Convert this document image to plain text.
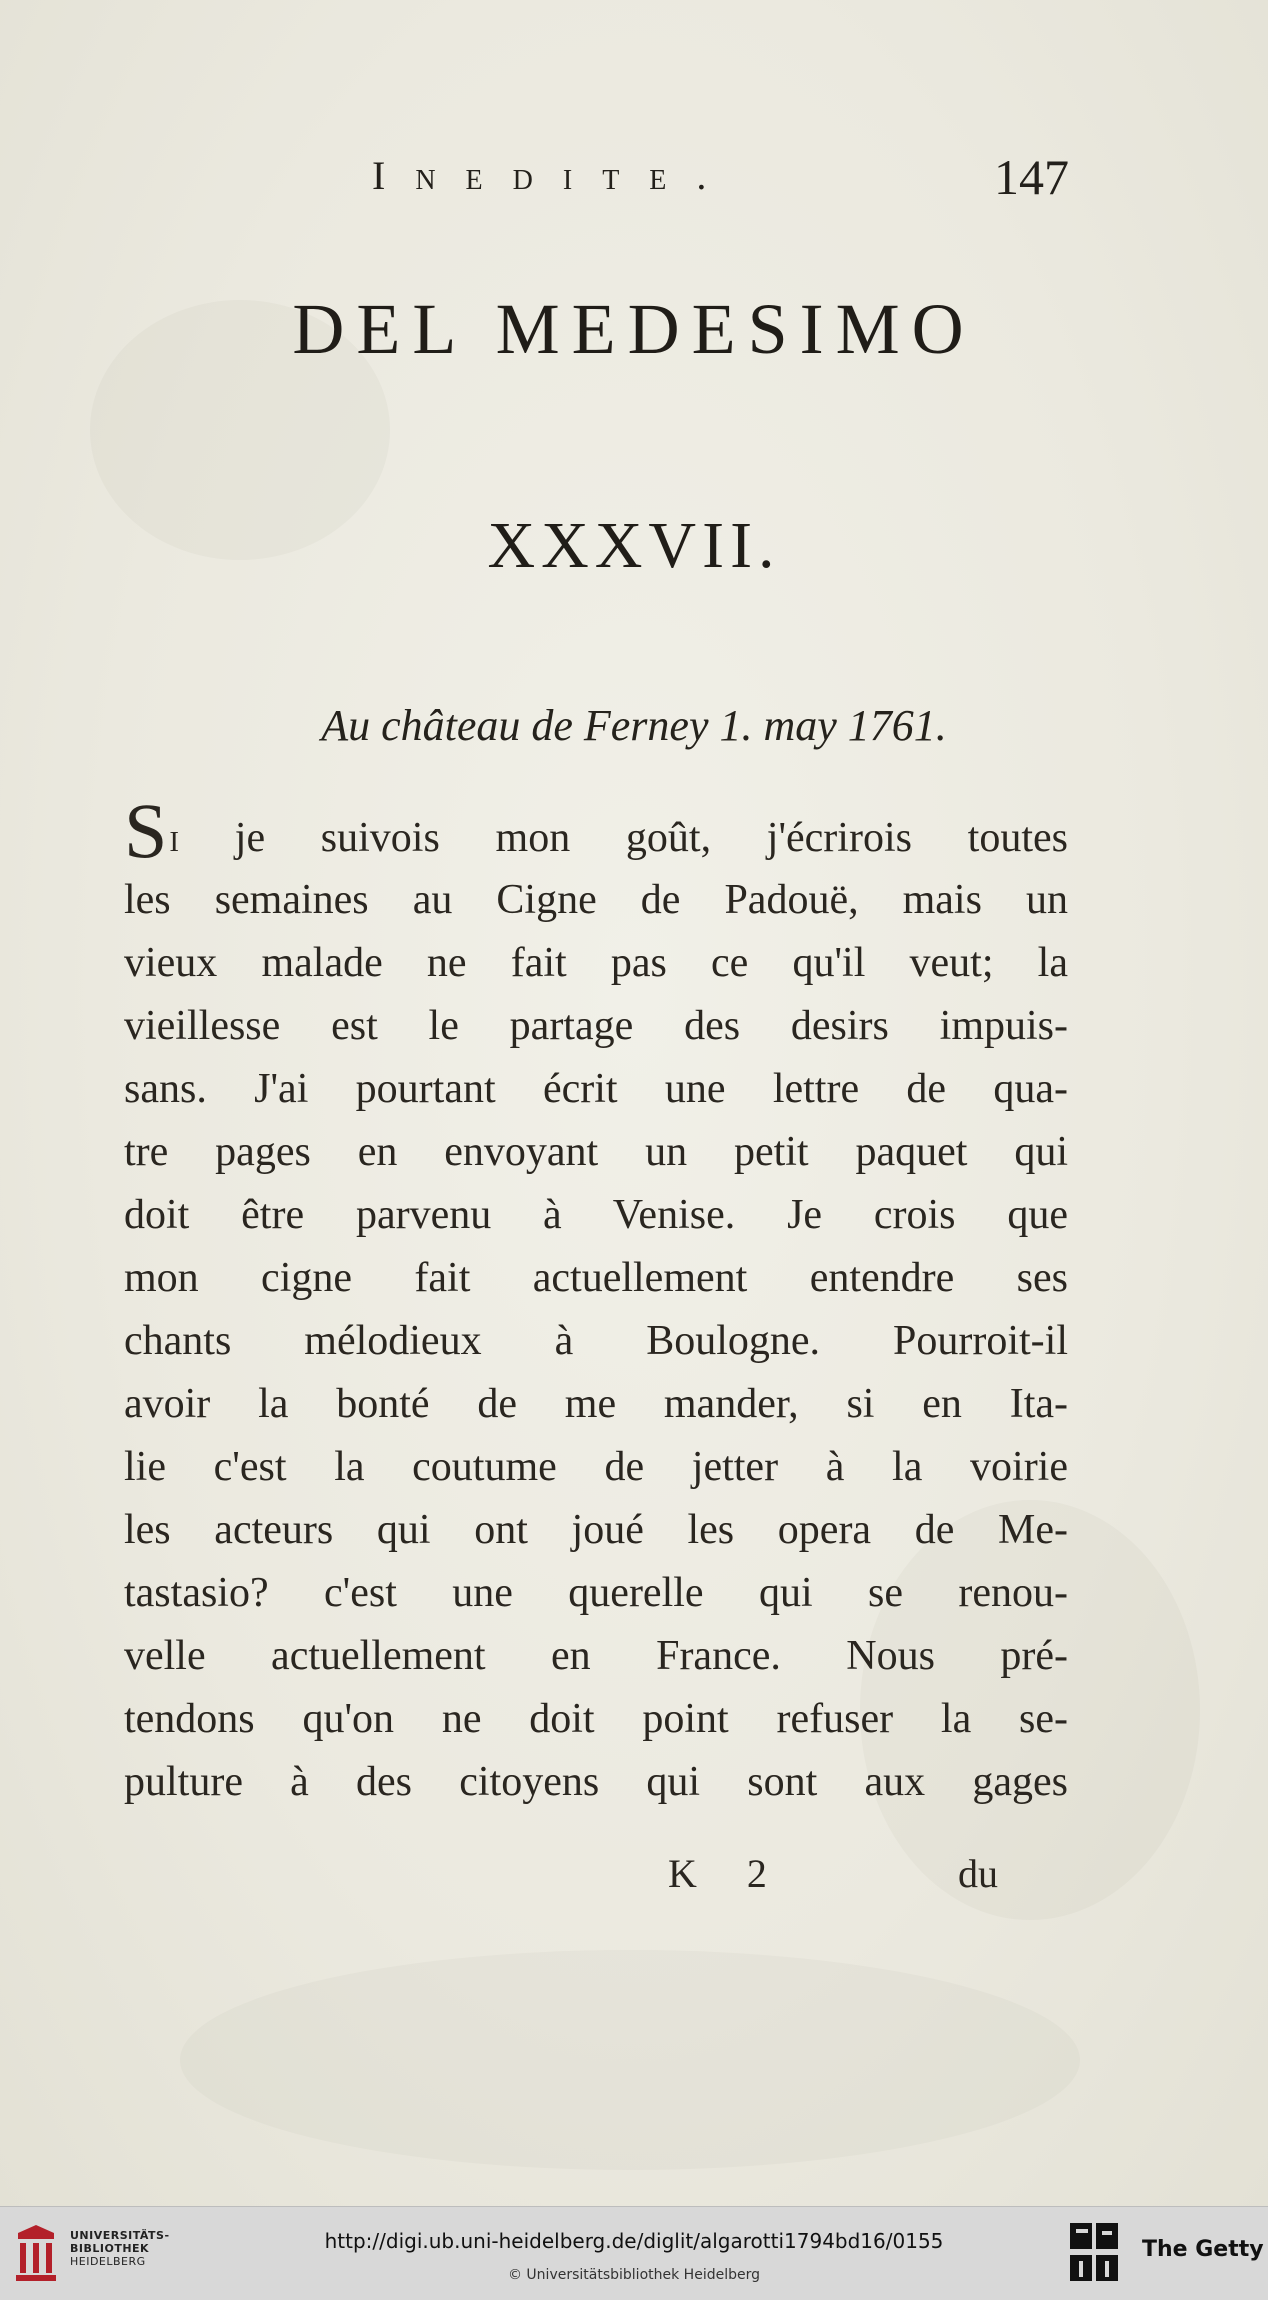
Inedite.	147
DEL MEDESIMO
XXXVII.
Au château de Ferney 1. may 1761.
Si je suivois mon goût, j'écrirois toutes
les semaines au Cigne de Padouë, mais un
vieux malade ne fait pas ce qu'il veut; la
vieillesse est le partage des desirs impuis-
sans. J'ai pourtant écrit une lettre de qua-
tre pages en envoyant un petit paquet qui
doit être parvenu à Venise. Je crois que
mon cigne fait actuellement entendre ses
chants mélodieux à Boulogne. Pourroit-il
avoir la bonté de me mander, si en Ita-
lie c'est la coutume de jetter à la voirie
les acteurs qui ont joué les opera de Me-
tastasio? c'est une querelle qui se renou-
velle actuellement en France. Nous pré-
tendons qu'on ne doit point refuser la se-
pulture à des citoyens qui sont aux gages
K 2	du
UNIVERSITÄTS-
BIBLIOTHEK
HEIDELBERG
http://digi.ub.uni-heidelberg.de/diglit/algarotti1794bd16/0155
© Universitätsbibliothek Heidelberg
The Getty
